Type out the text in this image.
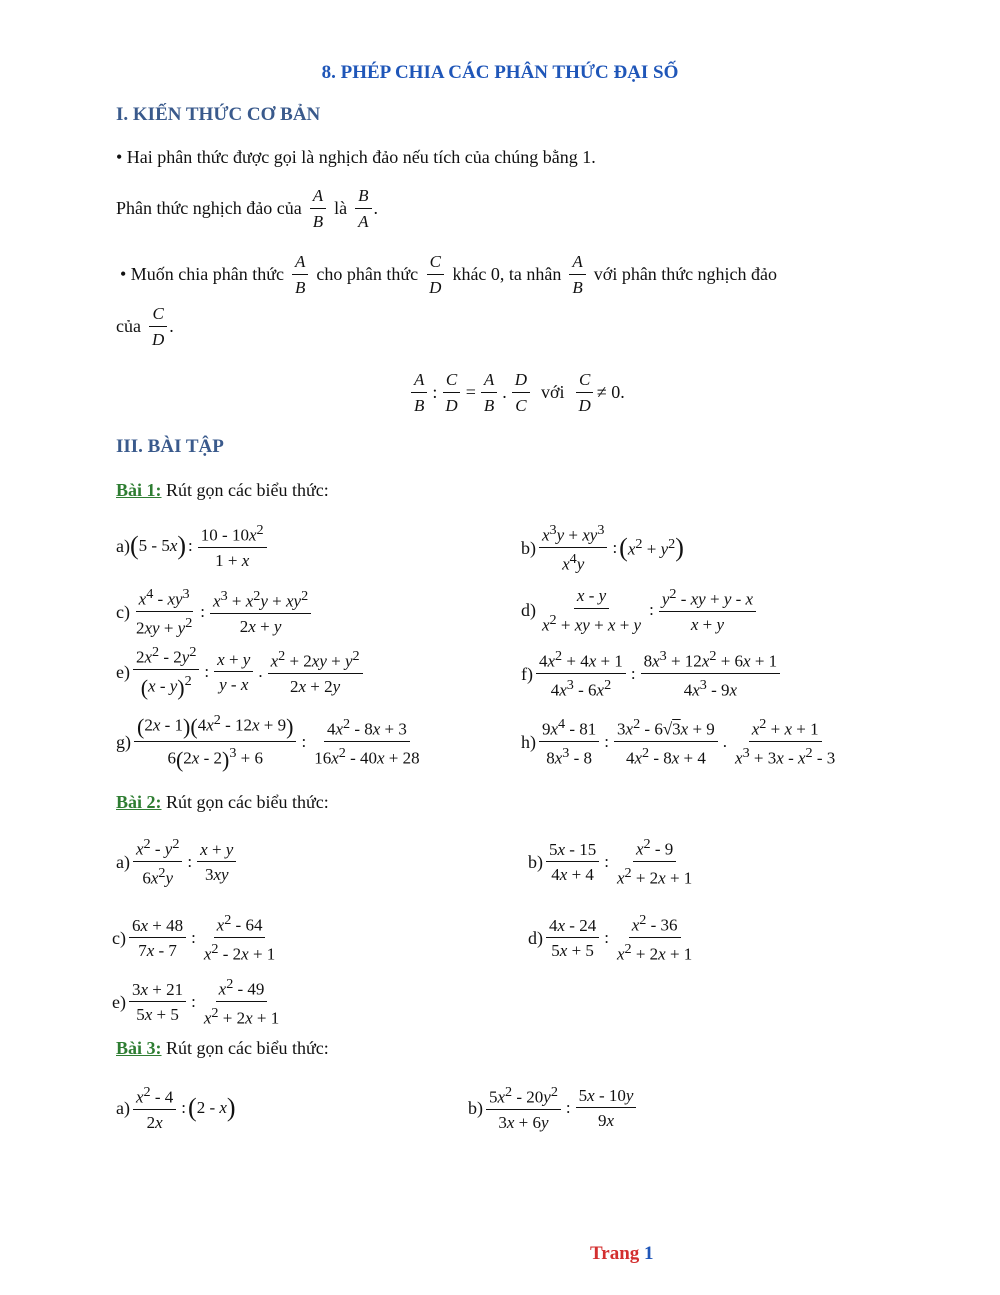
8. PHÉP CHIA CÁC PHÂN THỨC ĐẠI SỐ
I. KIẾN THỨC CƠ BẢN
• Hai phân thức được gọi là nghịch đảo nếu tích của chúng bằng 1.
Phân thức nghịch đảo của $\frac{A}{B}$ là $\frac{B}{A}$ .
• Muốn chia phân thức $\frac{A}{B}$ cho phân thức $\frac{C}{D}$ khác 0, ta nhân $\frac{A}{B}$ với phân thức nghịch đảo
của $\frac{C}{D}$ .
$\frac{A}{B}$ : $\frac{C}{D} = \frac{A}{B}$ . $\frac{D}{C}$ với $\frac{C}{D} \ne 0$.
III. BÀI TẬP
Bài 1: Rút gọn các biểu thức:
a) ( 5 - 5x ) : $\frac{10 - 10x^2}{1 + x}$	$b) \frac{x^3y + xy^3}{x^4y}$ : ( $x^2 + y^2$ )
$c) \frac{x^4 - xy^3}{2xy + y^2}$ : $\frac{x^3 + x^2y + xy^2}{2x + y}$	$d) \frac{x - y}{x^2 + xy + x + y}$ : $\frac{y^2 - xy + y - x}{x + y}$
$e) \frac{2x^2 - 2y^2}{(x - y)^2}$ : $\frac{x + y}{y - x}$ . $\frac{x^2 + 2xy + y^2}{2x + 2y}$	$f) \frac{4x^2 + 4x + 1}{4x^3 - 6x^2}$ : $\frac{8x^3 + 12x^2 + 6x + 1}{4x^3 - 9x}$
$g) \frac{(2x - 1)(4x^2 - 12x + 9)}{6(2x - 2)^3 + 6}$ : $\frac{4x^2 - 8x + 3}{16x^2 - 40x + 28}$	$h) \frac{9x^4 - 81}{8x^3 - 8}$ : $\frac{3x^2 - 6√3x + 9}{4x^2 - 8x + 4}$ . $\frac{x^2 + x + 1}{x^3 + 3x - x^2 - 3}$
Bài 2: Rút gọn các biểu thức:
$a) \frac{x^2 - y^2}{6x^2y}$ : $\frac{x + y}{3xy}$	$b) \frac{5x - 15}{4x + 4}$ : $\frac{x^2 - 9}{x^2 + 2x + 1}$
$c) \frac{6x + 48}{7x - 7}$ : $\frac{x^2 - 64}{x^2 - 2x + 1}$	$d) \frac{4x - 24}{5x + 5}$ : $\frac{x^2 - 36}{x^2 + 2x + 1}$
$e) \frac{3x + 21}{5x + 5}$ : $\frac{x^2 - 49}{x^2 + 2x + 1}$
Bài 3: Rút gọn các biểu thức:
$a) \frac{x^2 - 4}{2x}$ : ( 2 - x )	$b) \frac{5x^2 - 20y^2}{3x + 6y}$ : $\frac{5x - 10y}{9x}$
Trang 1
